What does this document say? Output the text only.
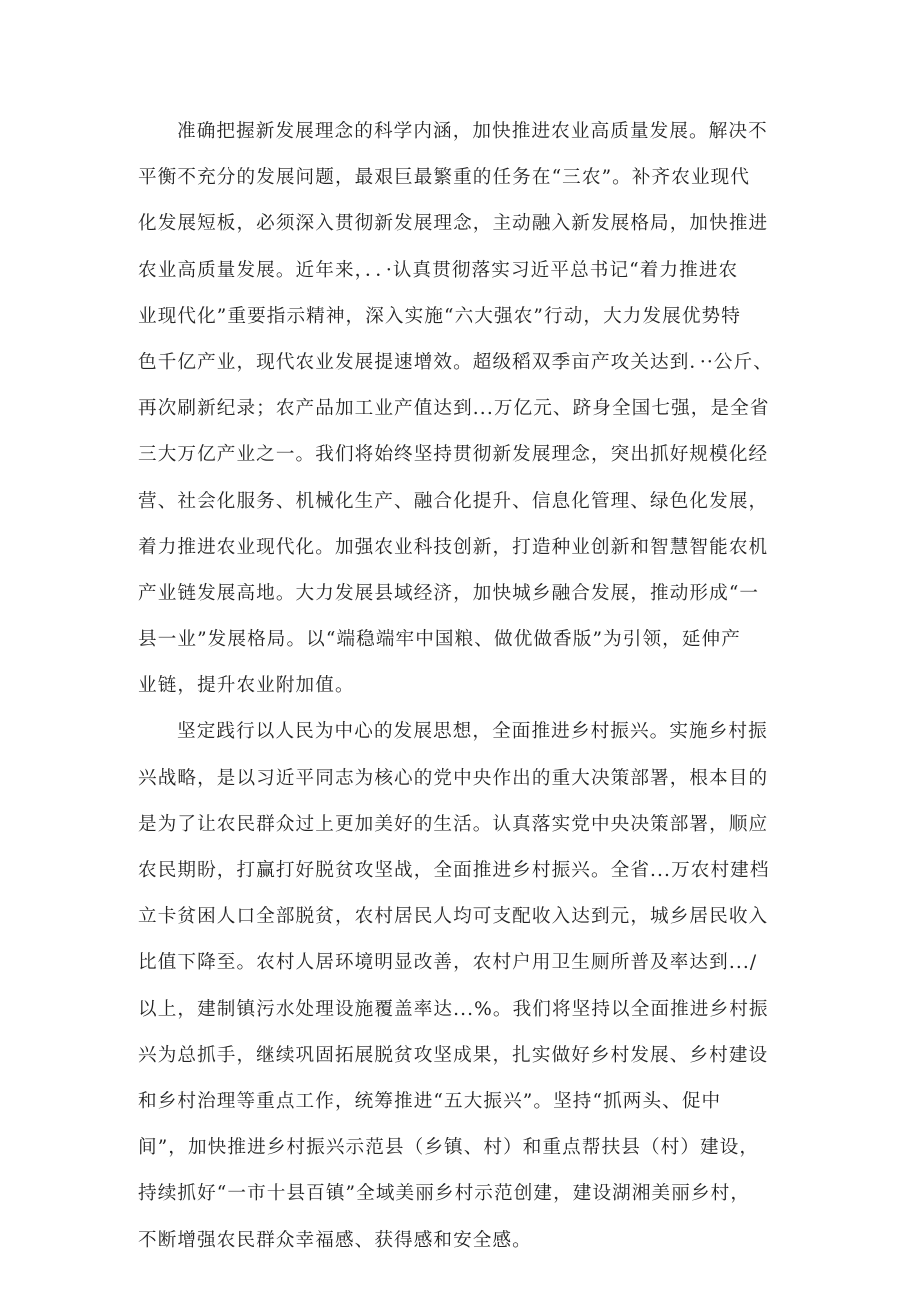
准确把握新发展理念的科学内涵，加快推进农业高质量发展。解决不
平衡不充分的发展问题，最艰巨最繁重的任务在“三农”。补齐农业现代
化发展短板，必须深入贯彻新发展理念，主动融入新发展格局，加快推进
农业高质量发展。近年来，．．·认真贯彻落实习近平总书记“着力推进农
业现代化”重要指示精神，深入实施“六大强农”行动，大力发展优势特
色千亿产业，现代农业发展提速增效。超级稻双季亩产攻关达到．··公斤、
再次刷新纪录；农产品加工业产值达到...万亿元、跻身全国七强，是全省
三大万亿产业之一。我们将始终坚持贯彻新发展理念，突出抓好规模化经
营、社会化服务、机械化生产、融合化提升、信息化管理、绿色化发展，
着力推进农业现代化。加强农业科技创新，打造种业创新和智慧智能农机
产业链发展高地。大力发展县域经济，加快城乡融合发展，推动形成“一
县一业”发展格局。以“端稳端牢中国粮、做优做香版”为引领，延伸产
业链，提升农业附加值。
坚定践行以人民为中心的发展思想，全面推进乡村振兴。实施乡村振
兴战略，是以习近平同志为核心的党中央作出的重大决策部署，根本目的
是为了让农民群众过上更加美好的生活。认真落实党中央决策部署，顺应
农民期盼，打赢打好脱贫攻坚战，全面推进乡村振兴。全省...万农村建档
立卡贫困人口全部脱贫，农村居民人均可支配收入达到元，城乡居民收入
比值下降至。农村人居环境明显改善，农村户用卫生厕所普及率达到.../
以上，建制镇污水处理设施覆盖率达...%。我们将坚持以全面推进乡村振
兴为总抓手，继续巩固拓展脱贫攻坚成果，扎实做好乡村发展、乡村建设
和乡村治理等重点工作，统筹推进“五大振兴”。坚持“抓两头、促中
间”，加快推进乡村振兴示范县（乡镇、村）和重点帮扶县（村）建设，
持续抓好“一市十县百镇”全域美丽乡村示范创建，建设湖湘美丽乡村，
不断增强农民群众幸福感、获得感和安全感。
